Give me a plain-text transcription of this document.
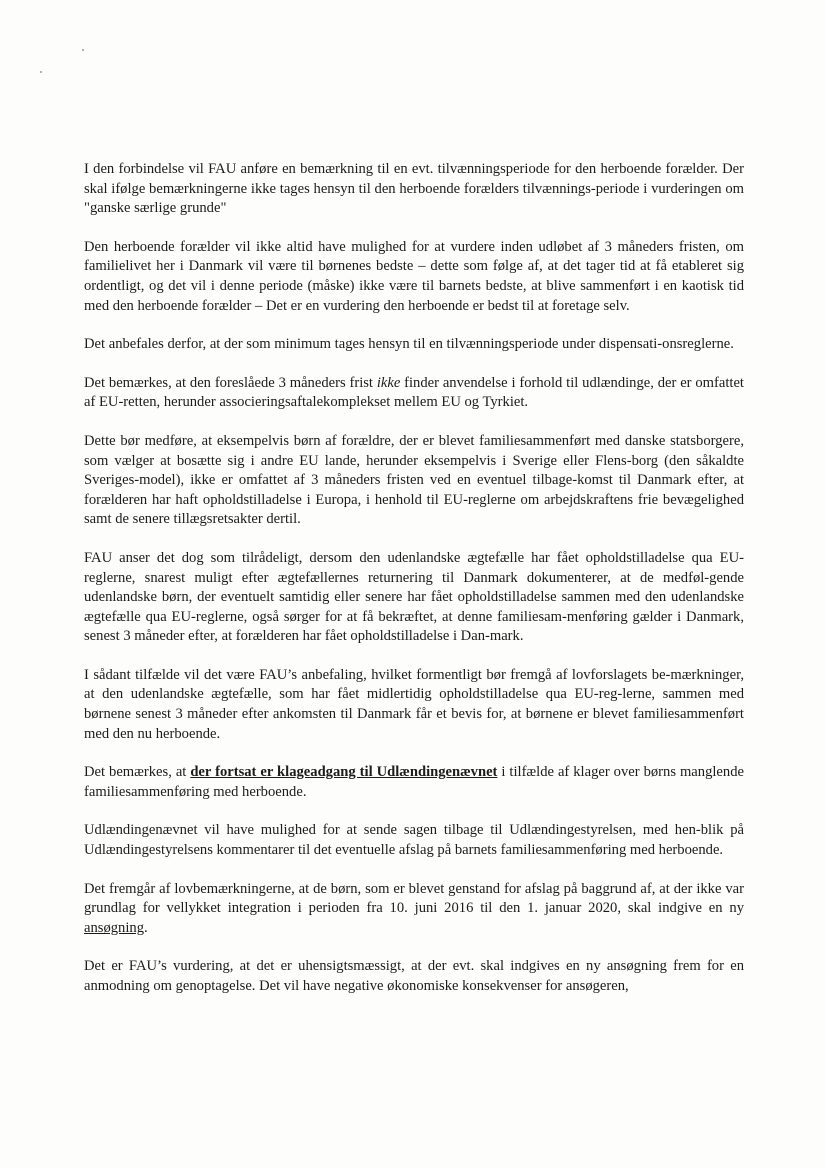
I den forbindelse vil FAU anføre en bemærkning til en evt. tilvænningsperiode for den herboende forælder. Der skal ifølge bemærkningerne ikke tages hensyn til den herboende forælders tilvænnings-periode i vurderingen om "ganske særlige grunde"

Den herboende forælder vil ikke altid have mulighed for at vurdere inden udløbet af 3 måneders fristen, om familielivet her i Danmark vil være til børnenes bedste – dette som følge af, at det tager tid at få etableret sig ordentligt, og det vil i denne periode (måske) ikke være til barnets bedste, at blive sammenført i en kaotisk tid med den herboende forælder – Det er en vurdering den herboende er bedst til at foretage selv.

Det anbefales derfor, at der som minimum tages hensyn til en tilvænningsperiode under dispensati-onsreglerne.

Det bemærkes, at den foreslåede 3 måneders frist ikke finder anvendelse i forhold til udlændinge, der er omfattet af EU-retten, herunder associeringsaftalekomplekset mellem EU og Tyrkiet.

Dette bør medføre, at eksempelvis børn af forældre, der er blevet familiesammenført med danske statsborgere, som vælger at bosætte sig i andre EU lande, herunder eksempelvis i Sverige eller Flens-borg (den såkaldte Sveriges-model), ikke er omfattet af 3 måneders fristen ved en eventuel tilbage-komst til Danmark efter, at forælderen har haft opholdstilladelse i Europa, i henhold til EU-reglerne om arbejdskraftens frie bevægelighed samt de senere tillægsretsakter dertil.

FAU anser det dog som tilrådeligt, dersom den udenlandske ægtefælle har fået opholdstilladelse qua EU-reglerne, snarest muligt efter ægtefællernes returnering til Danmark dokumenterer, at de medføl-gende udenlandske børn, der eventuelt samtidig eller senere har fået opholdstilladelse sammen med den udenlandske ægtefælle qua EU-reglerne, også sørger for at få bekræftet, at denne familiesam-menføring gælder i Danmark, senest 3 måneder efter, at forælderen har fået opholdstilladelse i Dan-mark.

I sådant tilfælde vil det være FAU’s anbefaling, hvilket formentligt bør fremgå af lovforslagets be-mærkninger, at den udenlandske ægtefælle, som har fået midlertidig opholdstilladelse qua EU-reg-lerne, sammen med børnene senest 3 måneder efter ankomsten til Danmark får et bevis for, at børnene er blevet familiesammenført med den nu herboende.

Det bemærkes, at der fortsat er klageadgang til Udlændingenævnet i tilfælde af klager over børns manglende familiesammenføring med herboende.

Udlændingenævnet vil have mulighed for at sende sagen tilbage til Udlændingestyrelsen, med hen-blik på Udlændingestyrelsens kommentarer til det eventuelle afslag på barnets familiesammenføring med herboende.

Det fremgår af lovbemærkningerne, at de børn, som er blevet genstand for afslag på baggrund af, at der ikke var grundlag for vellykket integration i perioden fra 10. juni 2016 til den 1. januar 2020, skal indgive en ny ansøgning.

Det er FAU’s vurdering, at det er uhensigtsmæssigt, at der evt. skal indgives en ny ansøgning frem for en anmodning om genoptagelse. Det vil have negative økonomiske konsekvenser for ansøgeren,
